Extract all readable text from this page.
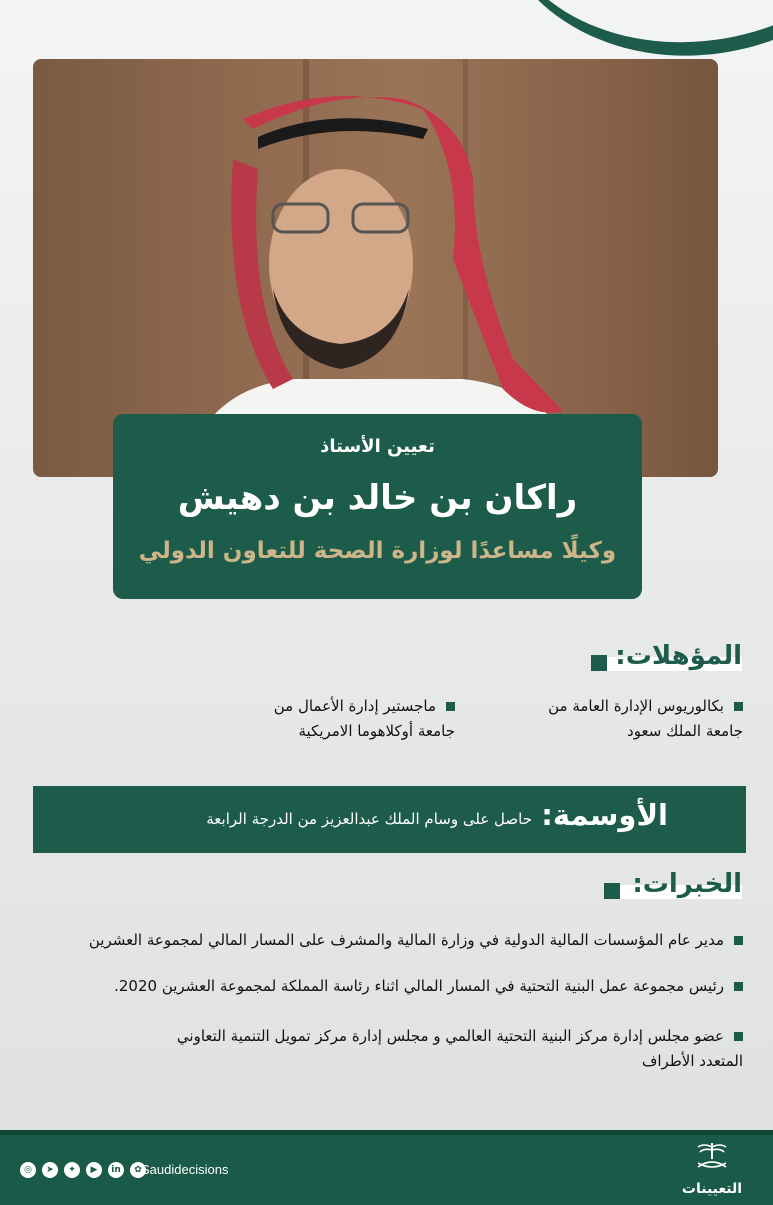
تعيين الأستاذ
راكان بن خالد بن دهيش
وكيلًا مساعدًا لوزارة الصحة للتعاون الدولي
المؤهلات:
بكالوريوس الإدارة العامة من جامعة الملك سعود
ماجستير إدارة الأعمال من جامعة أوكلاهوما الامريكية
الأوسمة:
حاصل على وسام الملك عبدالعزيز من الدرجة الرابعة
الخبرات:
مدير عام المؤسسات المالية الدولية في وزارة المالية والمشرف على المسار المالي لمجموعة العشرين
رئيس مجموعة عمل البنية التحتية في المسار المالي اثناء رئاسة المملكة لمجموعة العشرين 2020.
عضو مجلس إدارة مركز البنية التحتية العالمي و مجلس إدارة مركز تمويل التنمية التعاوني المتعدد الأطراف
◎	➤	✦	▶	in	✿ Saudidecisions
التعيينات
